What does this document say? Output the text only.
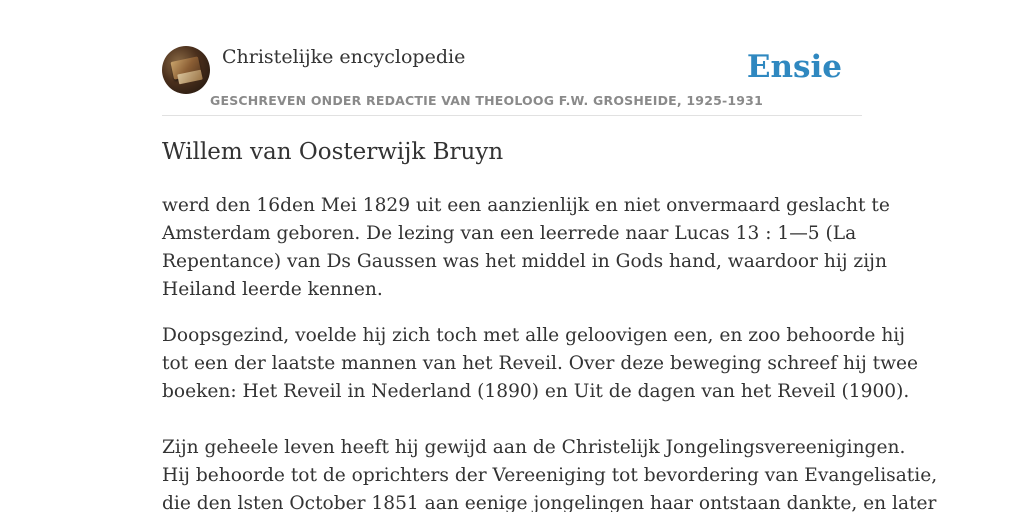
Christelijke encyclopedie
GESCHREVEN ONDER REDACTIE VAN THEOLOOG F.W. GROSHEIDE, 1925-1931
Ensie
Willem van Oosterwijk Bruyn

werd den 16den Mei 1829 uit een aanzienlijk en niet onvermaard geslacht te
Amsterdam geboren. De lezing van een leerrede naar Lucas 13 : 1—5 (La
Repentance) van Ds Gaussen was het middel in Gods hand, waardoor hij zijn
Heiland leerde kennen.

Doopsgezind, voelde hij zich toch met alle geloovigen een, en zoo behoorde hij
tot een der laatste mannen van het Reveil. Over deze beweging schreef hij twee
boeken: Het Reveil in Nederland (1890) en Uit de dagen van het Reveil (1900).
Zijn geheele leven heeft hij gewijd aan de Christelijk Jongelingsvereenigingen.
Hij behoorde tot de oprichters der Vereeniging tot bevordering van Evangelisatie,
die den lsten October 1851 aan eenige jongelingen haar ontstaan dankte, en later
